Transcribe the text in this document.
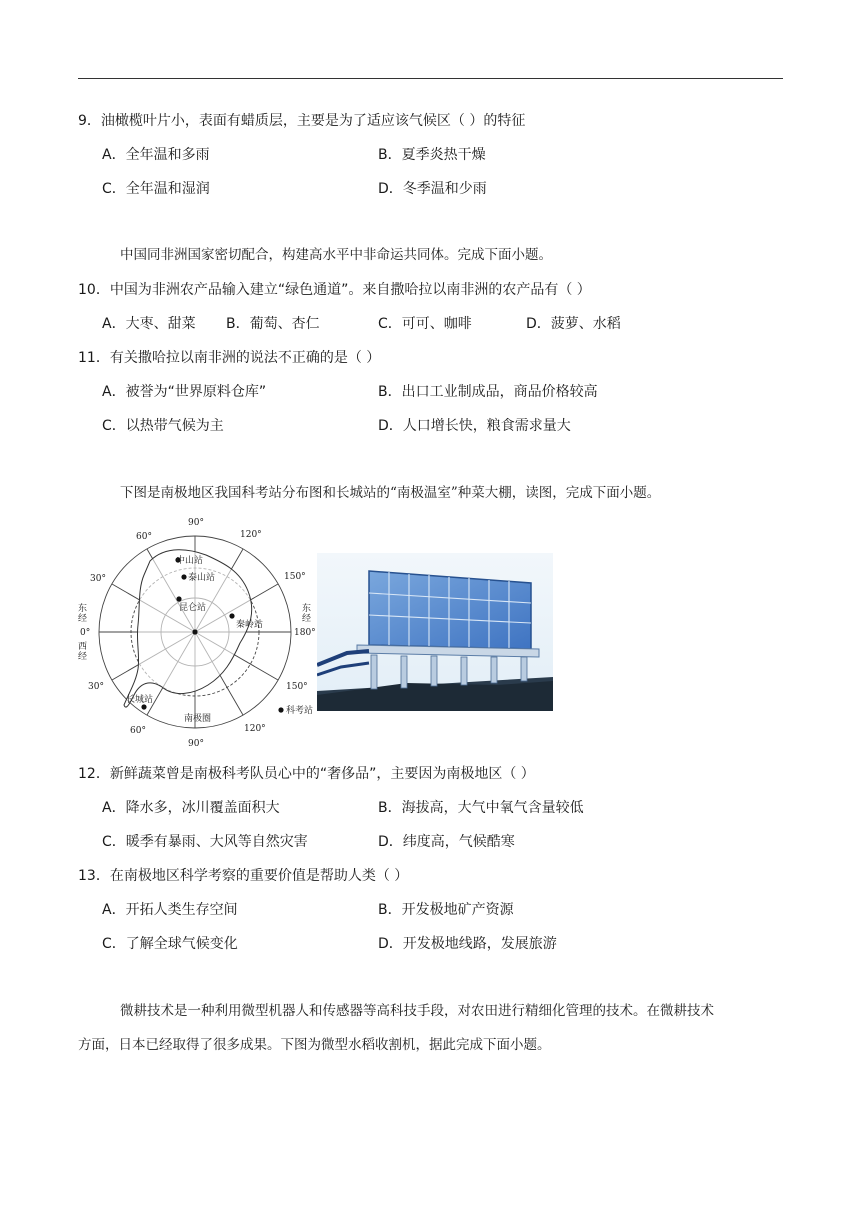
9．油橄榄叶片小，表面有蜡质层，主要是为了适应该气候区（ ）的特征
A．全年温和多雨	B．夏季炎热干燥
C．全年温和湿润	D．冬季温和少雨
中国同非洲国家密切配合，构建高水平中非命运共同体。完成下面小题。
10．中国为非洲农产品输入建立“绿色通道”。来自撒哈拉以南非洲的农产品有（ ）
A．大枣、甜菜 B．葡萄、杏仁	C．可可、咖啡	D．菠萝、水稻
11．有关撒哈拉以南非洲的说法不正确的是（ ）
A．被誉为“世界原料仓库”	B．出口工业制成品，商品价格较高
C．以热带气候为主	D．人口增长快，粮食需求量大
下图是南极地区我国科考站分布图和长城站的“南极温室”种菜大棚，读图，完成下面小题。
90°
60°	120°
30°	150°
东
经
东
经
0°	180°
西
经
30°	150°
60°	120°
90°
中山站
泰山站
昆仑站
秦岭站
长城站
南极圈
科考站
12．新鲜蔬菜曾是南极科考队员心中的“奢侈品”，主要因为南极地区（ ）
A．降水多，冰川覆盖面积大	B．海拔高，大气中氧气含量较低
C．暖季有暴雨、大风等自然灾害	D．纬度高，气候酷寒
13．在南极地区科学考察的重要价值是帮助人类（ ）
A．开拓人类生存空间	B．开发极地矿产资源
C．了解全球气候变化	D．开发极地线路，发展旅游
微耕技术是一种利用微型机器人和传感器等高科技手段，对农田进行精细化管理的技术。在微耕技术
方面，日本已经取得了很多成果。下图为微型水稻收割机，据此完成下面小题。
